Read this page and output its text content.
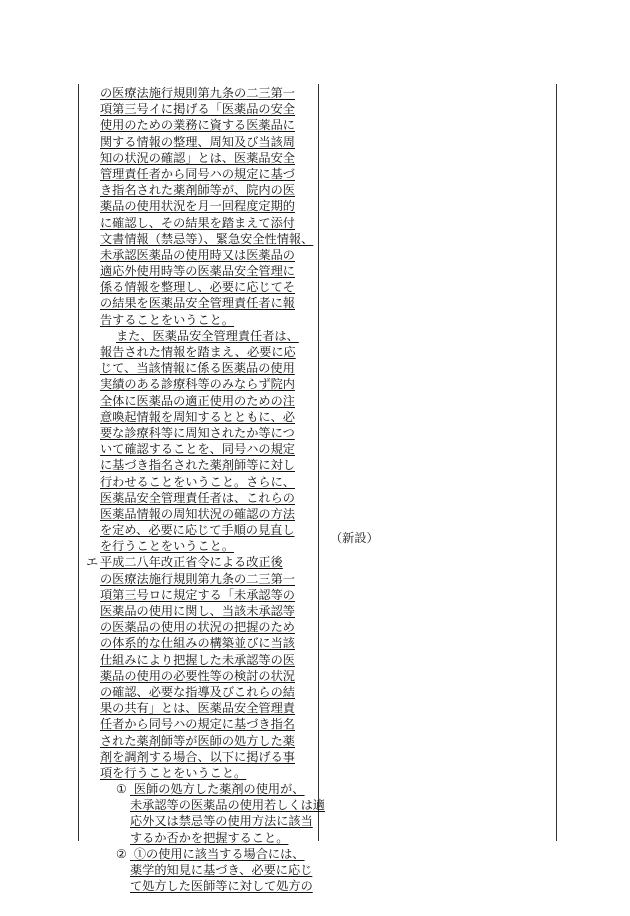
の医療法施行規則第九条の二三第一
項第三号イに掲げる「医薬品の安全
使用のための業務に資する医薬品に
関する情報の整理、周知及び当該周
知の状況の確認」とは、医薬品安全
管理責任者から同号ハの規定に基づ
き指名された薬剤師等が、院内の医
薬品の使用状況を月一回程度定期的
に確認し、その結果を踏まえて添付
文書情報（禁忌等）、緊急安全性情報、
未承認医薬品の使用時又は医薬品の
適応外使用時等の医薬品安全管理に
係る情報を整理し、必要に応じてそ
の結果を医薬品安全管理責任者に報
告することをいうこと。
また、医薬品安全管理責任者は、
報告された情報を踏まえ、必要に応
じて、当該情報に係る医薬品の使用
実績のある診療科等のみならず院内
全体に医薬品の適正使用のための注
意喚起情報を周知するとともに、必
要な診療科等に周知されたか等につ
いて確認することを、同号ハの規定
に基づき指名された薬剤師等に対し
行わせることをいうこと。さらに、
医薬品安全管理責任者は、これらの
医薬品情報の周知状況の確認の方法
を定め、必要に応じて手順の見直し
を行うことをいうこと。
エ 平成二八年改正省令による改正後
の医療法施行規則第九条の二三第一
項第三号ロに規定する「未承認等の
医薬品の使用に関し、当該未承認等
の医薬品の使用の状況の把握のため
の体系的な仕組みの構築並びに当該
仕組みにより把握した未承認等の医
薬品の使用の必要性等の検討の状況
の確認、必要な指導及びこれらの結
果の共有」とは、医薬品安全管理責
任者から同号ハの規定に基づき指名
された薬剤師等が医師の処方した薬
剤を調剤する場合、以下に掲げる事
項を行うことをいうこと。
① 医師の処方した薬剤の使用が、
未承認等の医薬品の使用若しくは適
応外又は禁忌等の使用方法に該当
するか否かを把握すること。
② ①の使用に該当する場合には、
薬学的知見に基づき、必要に応じ
て処方した医師等に対して処方の
（新設）
